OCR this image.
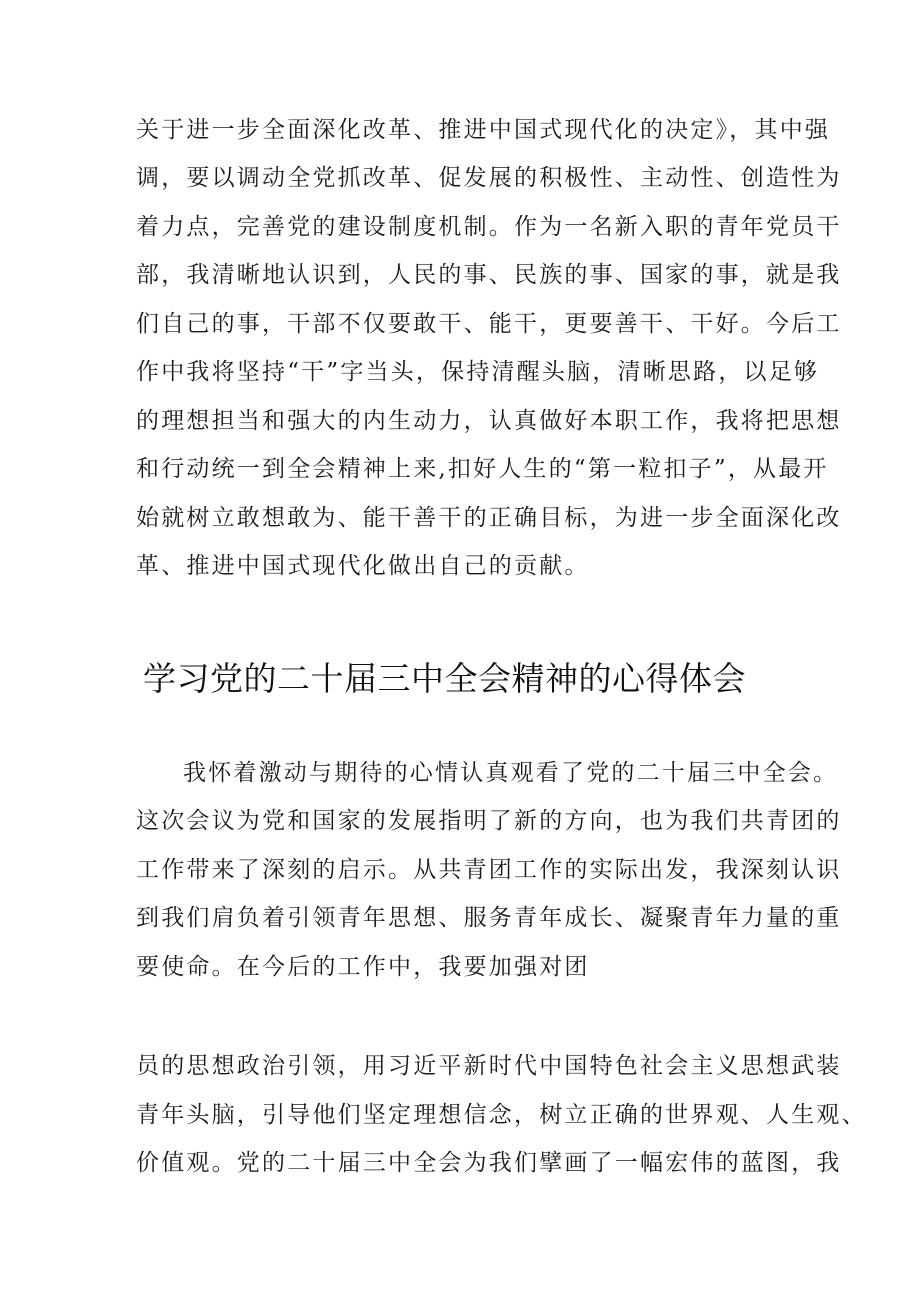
关于进一步全面深化改革、推进中国式现代化的决定》，其中强
调，要以调动全党抓改革、促发展的积极性、主动性、创造性为
着力点，完善党的建设制度机制。作为一名新入职的青年党员干
部，我清晰地认识到，人民的事、民族的事、国家的事，就是我
们自己的事，干部不仅要敢干、能干，更要善干、干好。今后工
作中我将坚持“干”字当头，保持清醒头脑，清晰思路，以足够
的理想担当和强大的内生动力，认真做好本职工作，我将把思想
和行动统一到全会精神上来,扣好人生的“第一粒扣子”，从最开
始就树立敢想敢为、能干善干的正确目标，为进一步全面深化改
革、推进中国式现代化做出自己的贡献。
学习党的二十届三中全会精神的心得体会
我怀着激动与期待的心情认真观看了党的二十届三中全会。
这次会议为党和国家的发展指明了新的方向，也为我们共青团的
工作带来了深刻的启示。从共青团工作的实际出发，我深刻认识
到我们肩负着引领青年思想、服务青年成长、凝聚青年力量的重
要使命。在今后的工作中，我要加强对团
员的思想政治引领，用习近平新时代中国特色社会主义思想武装
青年头脑，引导他们坚定理想信念，树立正确的世界观、人生观、
价值观。党的二十届三中全会为我们擘画了一幅宏伟的蓝图，我
